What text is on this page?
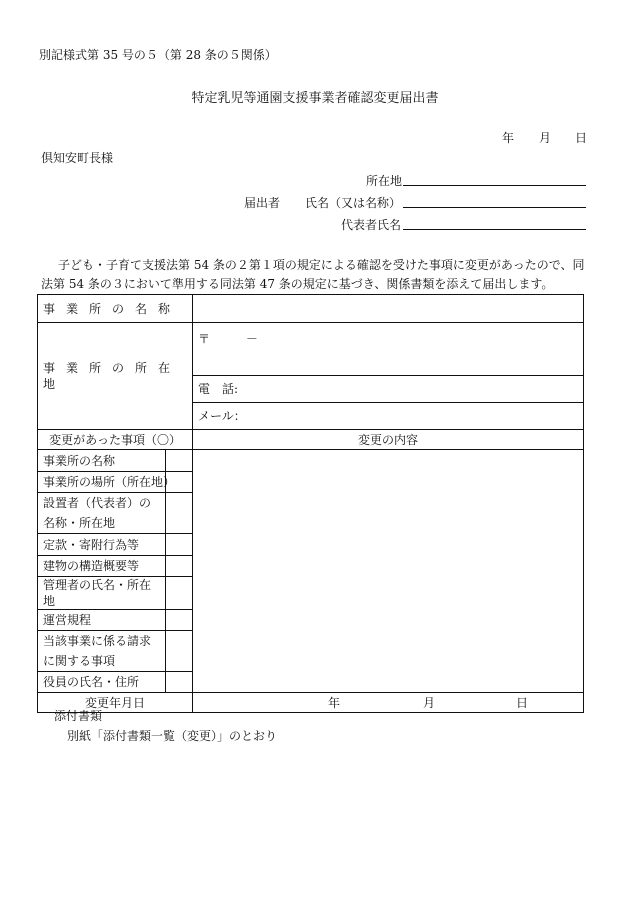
別記様式第 35 号の５（第 28 条の５関係）
特定乳児等通園支援事業者確認変更届出書
年 月 日
倶知安町長様
所在地
届出者 氏名（又は名称）
代表者氏名
子ども・子育て支援法第 54 条の２第１項の規定による確認を受けた事項に変更があったので、同
法第 54 条の３において準用する同法第 47 条の規定に基づき、関係書類を添えて届出します。
事業所の名称		
事業所の所在地		〒 －
		電　話:
		メール：
変更があった事項（〇）		変更の内容
事業所の名称		
事業所の場所（所在地）		
設置者（代表者）の名称・所在地		
定款・寄附行為等		
建物の構造概要等		
管理者の氏名・所在地		
運営規程		
当該事業に係る請求に関する事項		
役員の氏名・住所		
変更年月日		年 月 日
添付書類
別紙「添付書類一覧（変更）」のとおり
